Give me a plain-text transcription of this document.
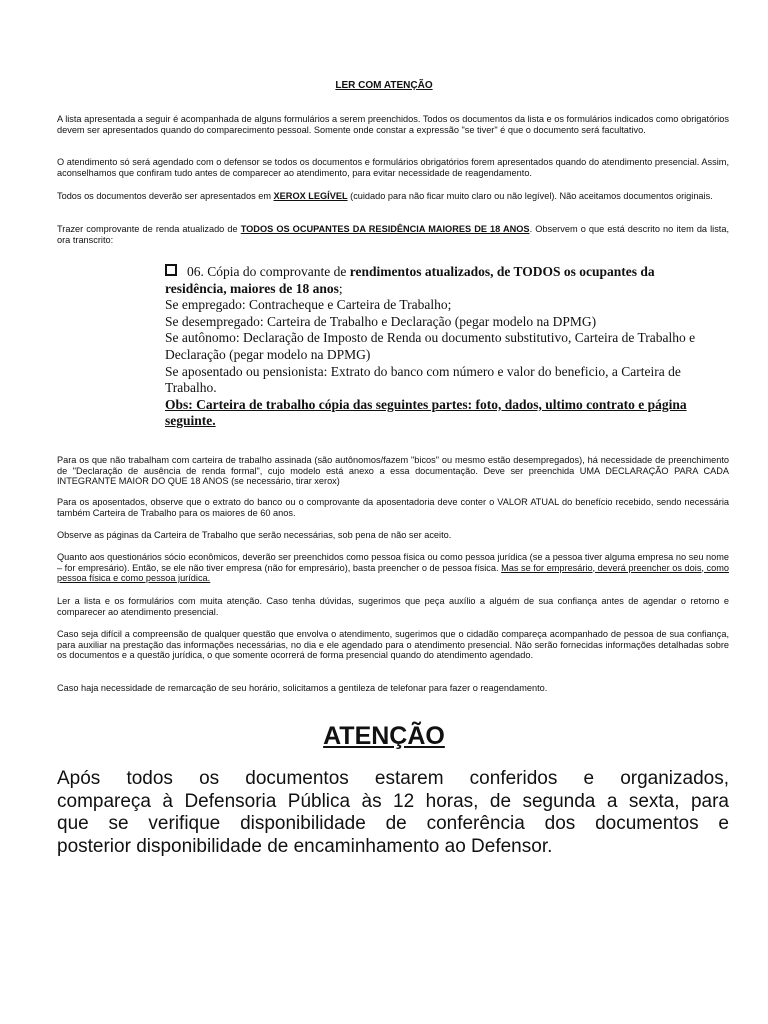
LER COM ATENÇÃO

A lista apresentada a seguir é acompanhada de alguns formulários a serem preenchidos. Todos os documentos da lista e os formulários indicados como obrigatórios devem ser apresentados quando do comparecimento pessoal. Somente onde constar a expressão "se tiver" é que o documento será facultativo.

O atendimento só será agendado com o defensor se todos os documentos e formulários obrigatórios forem apresentados quando do atendimento presencial. Assim, aconselhamos que confiram tudo antes de comparecer ao atendimento, para evitar necessidade de reagendamento.

Todos os documentos deverão ser apresentados em XEROX LEGÍVEL (cuidado para não ficar muito claro ou não legível). Não aceitamos documentos originais.

Trazer comprovante de renda atualizado de TODOS OS OCUPANTES DA RESIDÊNCIA MAIORES DE 18 ANOS. Observem o que está descrito no item da lista, ora transcrito:

06. Cópia do comprovante de rendimentos atualizados, de TODOS os ocupantes da residência, maiores de 18 anos;
Se empregado: Contracheque e Carteira de Trabalho;
Se desempregado: Carteira de Trabalho e Declaração (pegar modelo na DPMG)
Se autônomo: Declaração de Imposto de Renda ou documento substitutivo, Carteira de Trabalho e Declaração (pegar modelo na DPMG)
Se aposentado ou pensionista: Extrato do banco com número e valor do beneficio, a Carteira de Trabalho.
Obs: Carteira de trabalho cópia das seguintes partes: foto, dados, ultimo contrato e página seguinte.

Para os que não trabalham com carteira de trabalho assinada (são autônomos/fazem "bicos" ou mesmo estão desempregados), há necessidade de preenchimento de "Declaração de ausência de renda formal", cujo modelo está anexo a essa documentação. Deve ser preenchida UMA DECLARAÇÃO PARA CADA INTEGRANTE MAIOR DO QUE 18 ANOS (se necessário, tirar xerox)

Para os aposentados, observe que o extrato do banco ou o comprovante da aposentadoria deve conter o VALOR ATUAL do benefício recebido, sendo necessária também Carteira de Trabalho para os maiores de 60 anos.

Observe as páginas da Carteira de Trabalho que serão necessárias, sob pena de não ser aceito.

Quanto aos questionários sócio econômicos, deverão ser preenchidos como pessoa física ou como pessoa jurídica (se a pessoa tiver alguma empresa no seu nome – for empresário). Então, se ele não tiver empresa (não for empresário), basta preencher o de pessoa física. Mas se for empresário, deverá preencher os dois, como pessoa física e como pessoa jurídica.

Ler a lista e os formulários com muita atenção. Caso tenha dúvidas, sugerimos que peça auxílio a alguém de sua confiança antes de agendar o retorno e comparecer ao atendimento presencial.

Caso seja difícil a compreensão de qualquer questão que envolva o atendimento, sugerimos que o cidadão compareça acompanhado de pessoa de sua confiança, para auxiliar na prestação das informações necessárias, no dia e ele agendado para o atendimento presencial. Não serão fornecidas informações detalhadas sobre os documentos e a questão jurídica, o que somente ocorrerá de forma presencial quando do atendimento agendado.

Caso haja necessidade de remarcação de seu horário, solicitamos a gentileza de telefonar para fazer o reagendamento.

ATENÇÃO

Após todos os documentos estarem conferidos e organizados,
compareça à Defensoria Pública às 12 horas, de segunda a sexta, para
que se verifique disponibilidade de conferência dos documentos e
posterior disponibilidade de encaminhamento ao Defensor.
